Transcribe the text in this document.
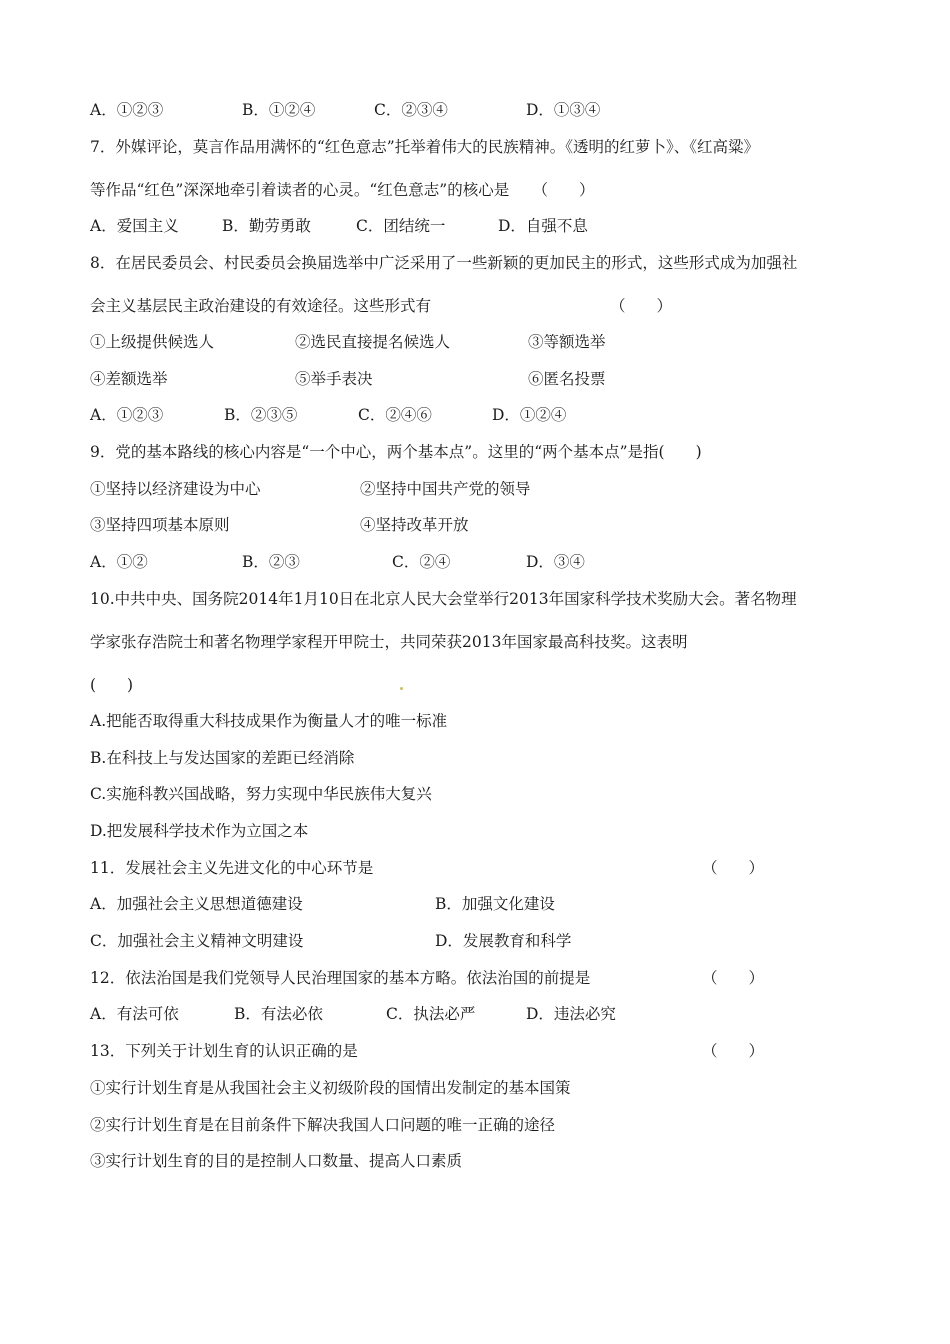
A．①②③	B．①②④	C．②③④	D．①③④
7．外媒评论，莫言作品用满怀的“红色意志”托举着伟大的民族精神。《透明的红萝卜》、《红高粱》
等作品“红色”深深地牵引着读者的心灵。“红色意志”的核心是　　（　　）
A．爱国主义	B．勤劳勇敢	C．团结统一	D．自强不息
8．在居民委员会、村民委员会换届选举中广泛采用了一些新颖的更加民主的形式，这些形式成为加强社
会主义基层民主政治建设的有效途径。这些形式有	（　　）
①上级提供候选人	②选民直接提名候选人	③等额选举
④差额选举	⑤举手表决	⑥匿名投票
A．①②③	B．②③⑤	C．②④⑥	D．①②④
9．党的基本路线的核心内容是“一个中心，两个基本点”。这里的“两个基本点”是指(　　)
①坚持以经济建设为中心	②坚持中国共产党的领导
③坚持四项基本原则	④坚持改革开放
A．①②	B．②③	C．②④	D．③④
10.中共中央、国务院2014年1月10日在北京人民大会堂举行2013年国家科学技术奖励大会。著名物理
学家张存浩院士和著名物理学家程开甲院士，共同荣获2013年国家最高科技奖。这表明
(　　)
A.把能否取得重大科技成果作为衡量人才的唯一标准
B.在科技上与发达国家的差距已经消除
C.实施科教兴国战略，努力实现中华民族伟大复兴
D.把发展科学技术作为立国之本
11．发展社会主义先进文化的中心环节是	（　　）
A．加强社会主义思想道德建设	B．加强文化建设
C．加强社会主义精神文明建设	D．发展教育和科学
12．依法治国是我们党领导人民治理国家的基本方略。依法治国的前提是	（　　）
A．有法可依	B．有法必依	C．执法必严	D．违法必究
13．下列关于计划生育的认识正确的是	（　　）
①实行计划生育是从我国社会主义初级阶段的国情出发制定的基本国策
②实行计划生育是在目前条件下解决我国人口问题的唯一正确的途径
③实行计划生育的目的是控制人口数量、提高人口素质
